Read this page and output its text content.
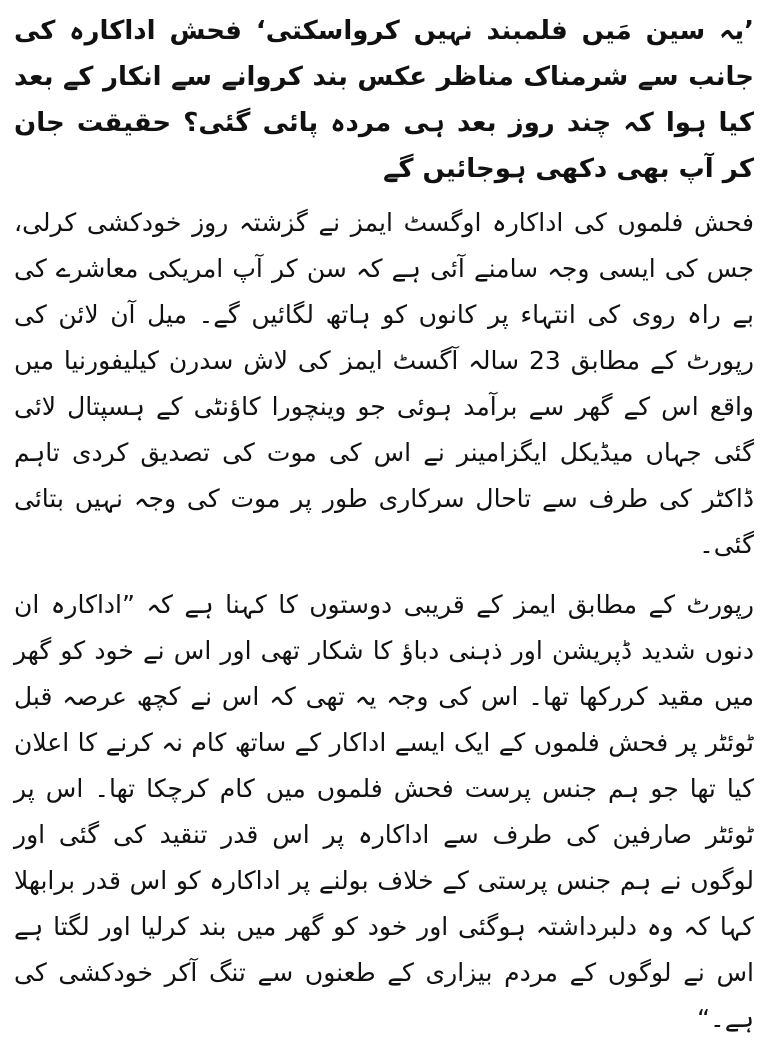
’یہ سین مَیں فلمبند نہیں کرواسکتی‘ فحش اداکارہ کی جانب سے شرمناک مناظر عکس بند کروانے سے انکار کے بعد کیا ہوا کہ چند روز بعد ہی مردہ پائی گئی؟ حقیقت جان کر آپ بھی دکھی ہوجائیں گے

فحش فلموں کی اداکارہ اوگسٹ ایمز نے گزشتہ روز خودکشی کرلی، جس کی ایسی وجہ سامنے آئی ہے کہ سن کر آپ امریکی معاشرے کی بے راہ روی کی انتہاء پر کانوں کو ہاتھ لگائیں گے۔ میل آن لائن کی رپورٹ کے مطابق 23 سالہ آگسٹ ایمز کی لاش سدرن کیلیفورنیا میں واقع اس کے گھر سے برآمد ہوئی جو وینچورا کاؤنٹی کے ہسپتال لائی گئی جہاں میڈیکل ایگزامینر نے اس کی موت کی تصدیق کردی تاہم ڈاکٹر کی طرف سے تاحال سرکاری طور پر موت کی وجہ نہیں بتائی گئی۔

رپورٹ کے مطابق ایمز کے قریبی دوستوں کا کہنا ہے کہ ”اداکارہ ان دنوں شدید ڈپریشن اور ذہنی دباؤ کا شکار تھی اور اس نے خود کو گھر میں مقید کررکھا تھا۔ اس کی وجہ یہ تھی کہ اس نے کچھ عرصہ قبل ٹوئٹر پر فحش فلموں کے ایک ایسے اداکار کے ساتھ کام نہ کرنے کا اعلان کیا تھا جو ہم جنس پرست فحش فلموں میں کام کرچکا تھا۔ اس پر ٹوئٹر صارفین کی طرف سے اداکارہ پر اس قدر تنقید کی گئی اور لوگوں نے ہم جنس پرستی کے خلاف بولنے پر اداکارہ کو اس قدر برابھلا کہا کہ وہ دلبرداشتہ ہوگئی اور خود کو گھر میں بند کرلیا اور لگتا ہے اس نے لوگوں کے مردم بیزاری کے طعنوں سے تنگ آکر خودکشی کی ہے۔“
